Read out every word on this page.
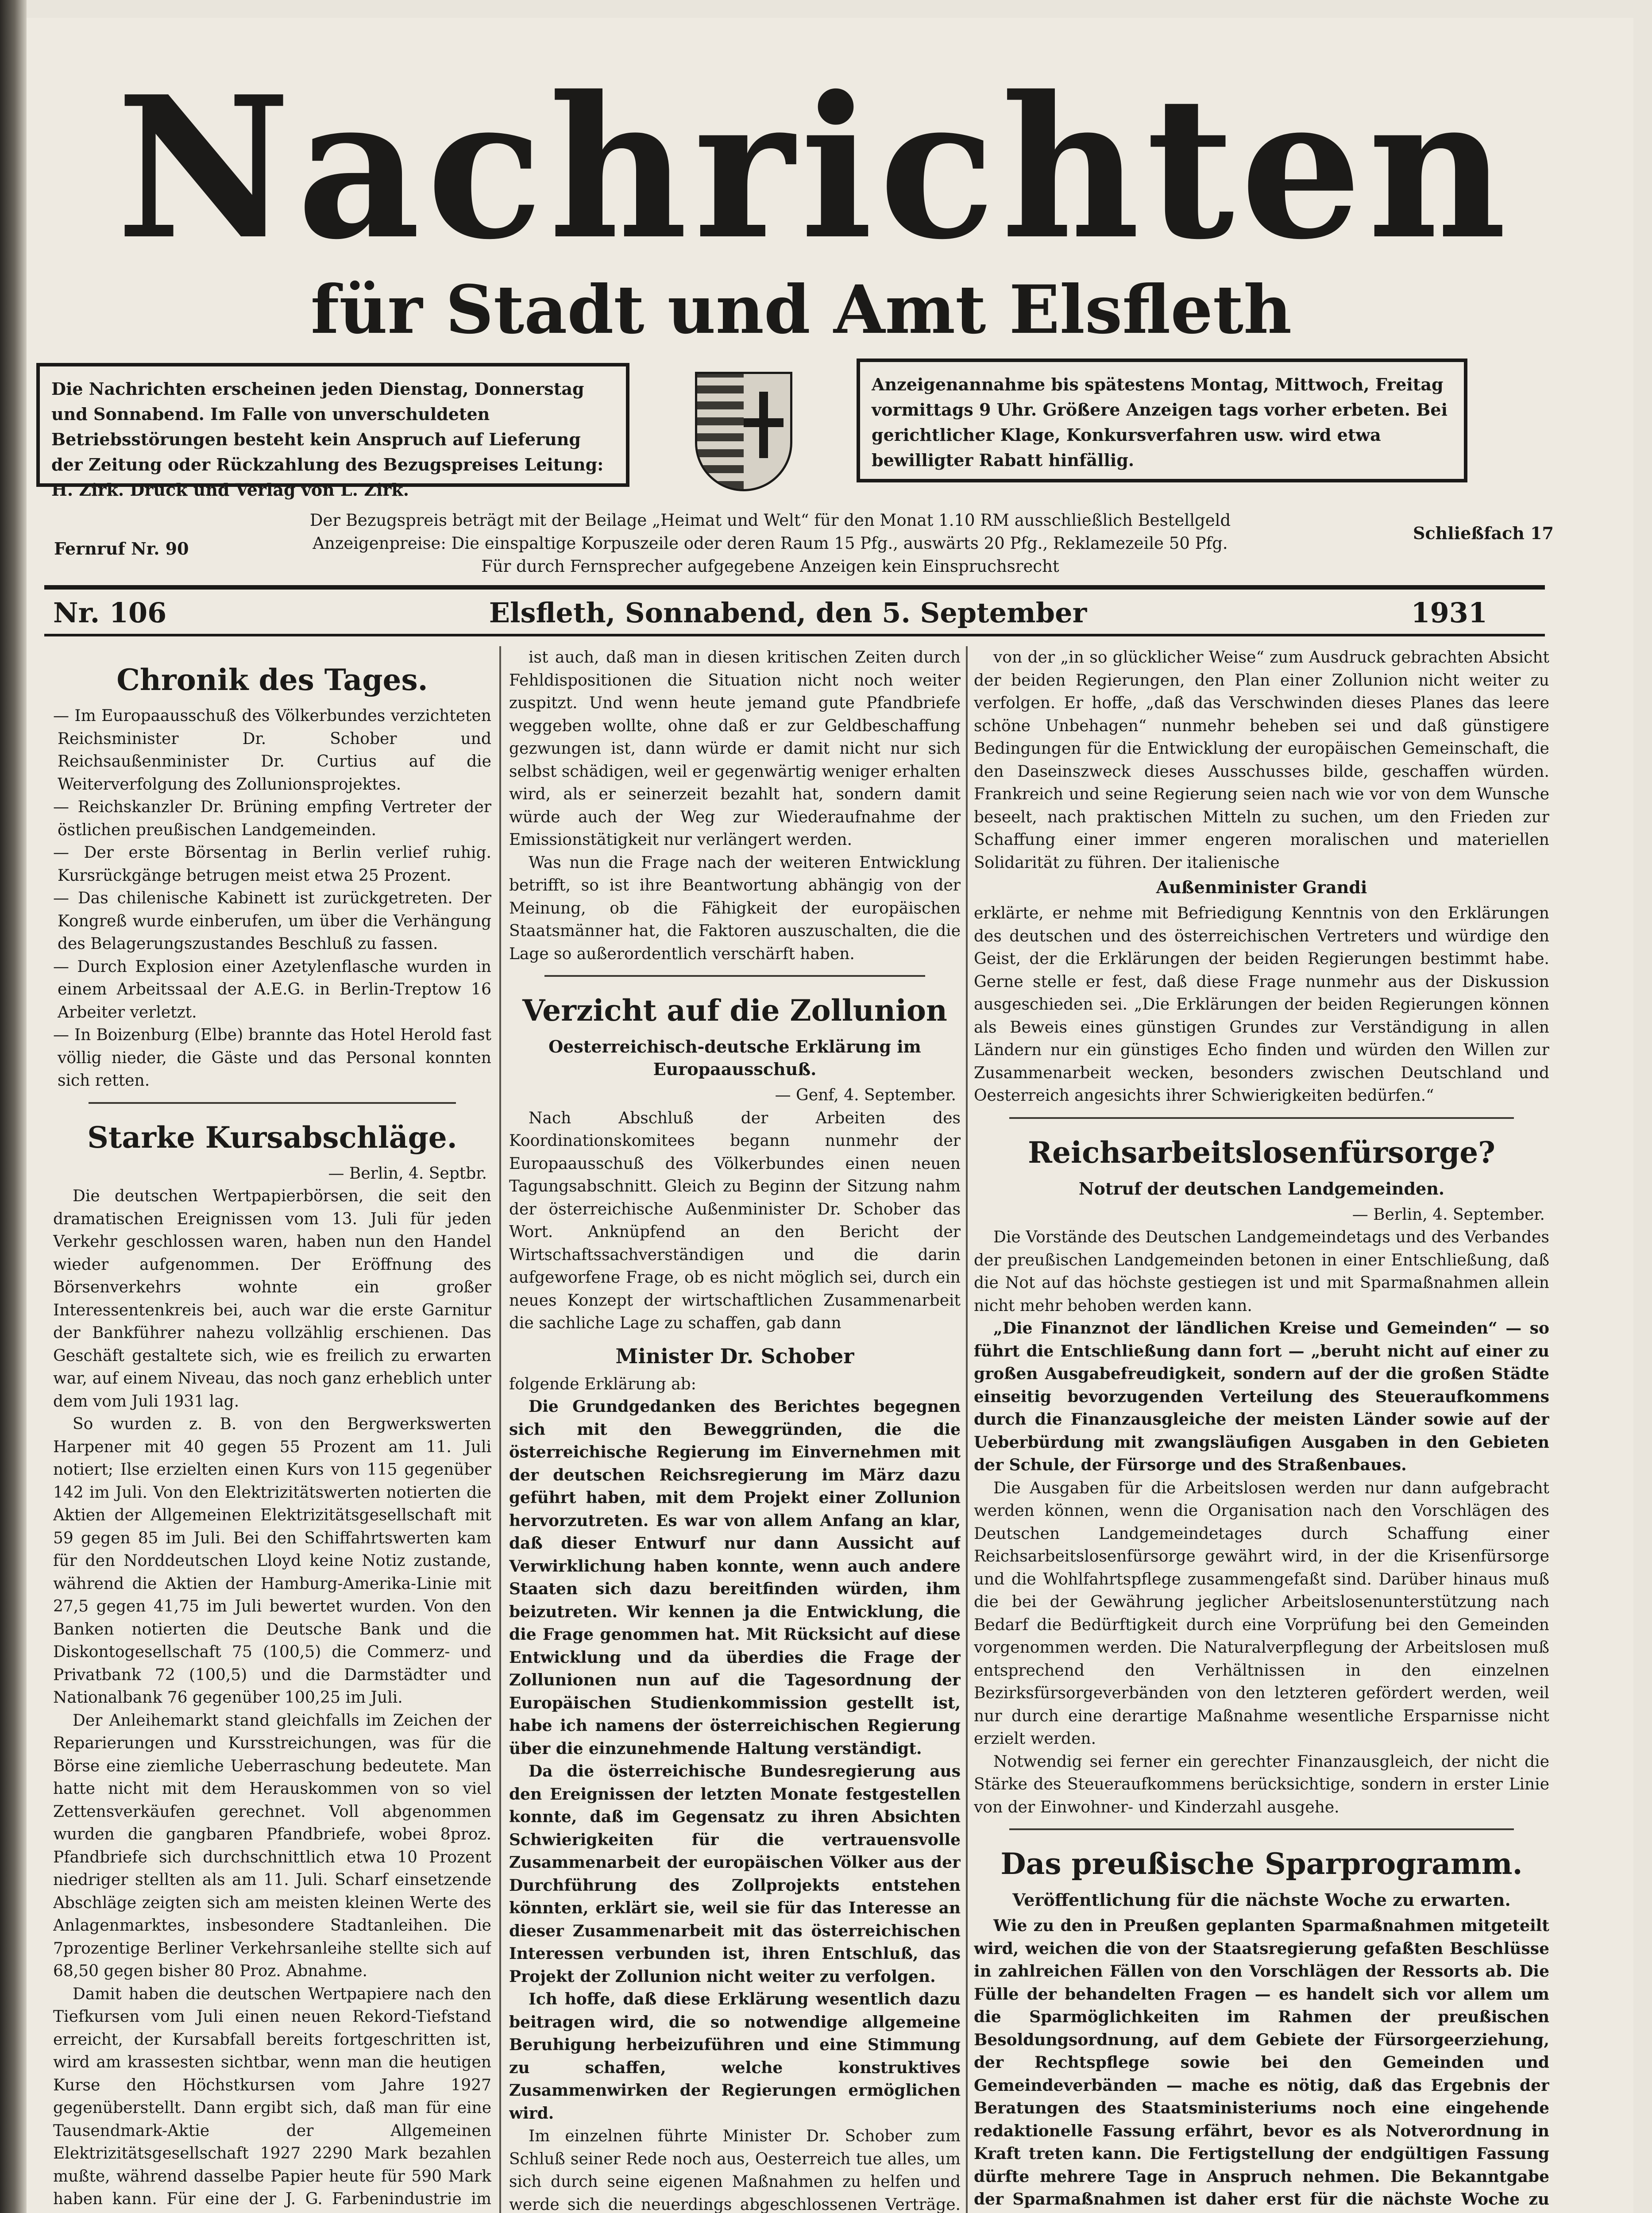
Nachrichten
für Stadt und Amt Elsfleth
Die Nachrichten erscheinen jeden Dienstag, Donnerstag und Sonnabend. Im Falle von unverschuldeten Betriebsstörungen besteht kein Anspruch auf Lieferung der Zeitung oder Rückzahlung des Bezugspreises Leitung: H. Zirk. Druck und Verlag von L. Zirk.
Anzeigenannahme bis spätestens Montag, Mittwoch, Freitag vormittags 9 Uhr. Größere Anzeigen tags vorher erbeten. Bei gerichtlicher Klage, Konkursverfahren usw. wird etwa bewilligter Rabatt hinfällig.
Der Bezugspreis beträgt mit der Beilage „Heimat und Welt“ für den Monat 1.10 RM ausschließlich Bestellgeld
Anzeigenpreise: Die einspaltige Korpuszeile oder deren Raum 15 Pfg., auswärts 20 Pfg., Reklamezeile 50 Pfg.
Für durch Fernsprecher aufgegebene Anzeigen kein Einspruchsrecht
Fernruf Nr. 90
Schließfach 17
Nr. 106	Elsfleth, Sonnabend, den 5. September	1931
Chronik des Tages.
— Im Europaausschuß des Völkerbundes verzichteten Reichsminister Dr. Schober und Reichsaußenminister Dr. Curtius auf die Weiterverfolgung des Zollunionsprojektes.
— Reichskanzler Dr. Brüning empfing Vertreter der östlichen preußischen Landgemeinden.
— Der erste Börsentag in Berlin verlief ruhig. Kursrückgänge betrugen meist etwa 25 Prozent.
— Das chilenische Kabinett ist zurückgetreten. Der Kongreß wurde einberufen, um über die Verhängung des Belagerungszustandes Beschluß zu fassen.
— Durch Explosion einer Azetylenflasche wurden in einem Arbeitssaal der A.E.G. in Berlin-Treptow 16 Arbeiter verletzt.
— In Boizenburg (Elbe) brannte das Hotel Herold fast völlig nieder, die Gäste und das Personal konnten sich retten.
Starke Kursabschläge.

— Berlin, 4. Septbr.

Die deutschen Wertpapierbörsen, die seit den dramatischen Ereignissen vom 13. Juli für jeden Verkehr geschlossen waren, haben nun den Handel wieder aufgenommen. Der Eröffnung des Börsenverkehrs wohnte ein großer Interessentenkreis bei, auch war die erste Garnitur der Bankführer nahezu vollzählig erschienen. Das Geschäft gestaltete sich, wie es freilich zu erwarten war, auf einem Niveau, das noch ganz erheblich unter dem vom Juli 1931 lag.

So wurden z. B. von den Bergwerkswerten Harpener mit 40 gegen 55 Prozent am 11. Juli notiert; Ilse erzielten einen Kurs von 115 gegenüber 142 im Juli. Von den Elektrizitätswerten notierten die Aktien der Allgemeinen Elektrizitätsgesellschaft mit 59 gegen 85 im Juli. Bei den Schiffahrtswerten kam für den Norddeutschen Lloyd keine Notiz zustande, während die Aktien der Hamburg-Amerika-Linie mit 27,5 gegen 41,75 im Juli bewertet wurden. Von den Banken notierten die Deutsche Bank und die Diskontogesellschaft 75 (100,5) die Commerz- und Privatbank 72 (100,5) und die Darmstädter und Nationalbank 76 gegenüber 100,25 im Juli.

Der Anleihemarkt stand gleichfalls im Zeichen der Reparierungen und Kursstreichungen, was für die Börse eine ziemliche Ueberraschung bedeutete. Man hatte nicht mit dem Herauskommen von so viel Zettensverkäufen gerechnet. Voll abgenommen wurden die gangbaren Pfandbriefe, wobei 8proz. Pfandbriefe sich durchschnittlich etwa 10 Prozent niedriger stellten als am 11. Juli. Scharf einsetzende Abschläge zeigten sich am meisten kleinen Werte des Anlagenmarktes, insbesondere Stadtanleihen. Die 7prozentige Berliner Verkehrsanleihe stellte sich auf 68,50 gegen bisher 80 Proz. Abnahme.

Damit haben die deutschen Wertpapiere nach den Tiefkursen vom Juli einen neuen Rekord-Tiefstand erreicht, der Kursabfall bereits fortgeschritten ist, wird am krassesten sichtbar, wenn man die heutigen Kurse den Höchstkursen vom Jahre 1927 gegenüberstellt. Dann ergibt sich, daß man für eine Tausendmark-Aktie der Allgemeinen Elektrizitätsgesellschaft 1927 2290 Mark bezahlen mußte, während dasselbe Papier heute für 590 Mark haben kann. Für eine der J. G. Farbenindustrie im

ist auch, daß man in diesen kritischen Zeiten durch Fehldispositionen die Situation nicht noch weiter zuspitzt. Und wenn heute jemand gute Pfandbriefe weggeben wollte, ohne daß er zur Geldbeschaffung gezwungen ist, dann würde er damit nicht nur sich selbst schädigen, weil er gegenwärtig weniger erhalten wird, als er seinerzeit bezahlt hat, sondern damit würde auch der Weg zur Wiederaufnahme der Emissionstätigkeit nur verlängert werden.

Was nun die Frage nach der weiteren Entwicklung betrifft, so ist ihre Beantwortung abhängig von der Meinung, ob die Fähigkeit der europäischen Staatsmänner hat, die Faktoren auszuschalten, die die Lage so außerordentlich verschärft haben.

Verzicht auf die Zollunion
Oesterreichisch-deutsche Erklärung im Europaausschuß.

— Genf, 4. September.

Nach Abschluß der Arbeiten des Koordinationskomitees begann nunmehr der Europaausschuß des Völkerbundes einen neuen Tagungsabschnitt. Gleich zu Beginn der Sitzung nahm der österreichische Außenminister Dr. Schober das Wort. Anknüpfend an den Bericht der Wirtschaftssachverständigen und die darin aufgeworfene Frage, ob es nicht möglich sei, durch ein neues Konzept der wirtschaftlichen Zusammenarbeit die sachliche Lage zu schaffen, gab dann

Minister Dr. Schober

folgende Erklärung ab:

Die Grundgedanken des Berichtes begegnen sich mit den Beweggründen, die die österreichische Regierung im Einvernehmen mit der deutschen Reichsregierung im März dazu geführt haben, mit dem Projekt einer Zollunion hervorzutreten. Es war von allem Anfang an klar, daß dieser Entwurf nur dann Aussicht auf Verwirklichung haben konnte, wenn auch andere Staaten sich dazu bereitfinden würden, ihm beizutreten. Wir kennen ja die Entwicklung, die die Frage genommen hat. Mit Rücksicht auf diese Entwicklung und da überdies die Frage der Zollunionen nun auf die Tagesordnung der Europäischen Studienkommission gestellt ist, habe ich namens der österreichischen Regierung über die einzunehmende Haltung verständigt.

Da die österreichische Bundesregierung aus den Ereignissen der letzten Monate festgestellen konnte, daß im Gegensatz zu ihren Absichten Schwierigkeiten für die vertrauensvolle Zusammenarbeit der europäischen Völker aus der Durchführung des Zollprojekts entstehen könnten, erklärt sie, weil sie für das Interesse an dieser Zusammenarbeit mit das österreichischen Interessen verbunden ist, ihren Entschluß, das Projekt der Zollunion nicht weiter zu verfolgen.

Ich hoffe, daß diese Erklärung wesentlich dazu beitragen wird, die so notwendige allgemeine Beruhigung herbeizuführen und eine Stimmung zu schaffen, welche konstruktives Zusammenwirken der Regierungen ermöglichen wird.

Im einzelnen führte Minister Dr. Schober zum Schluß seiner Rede noch aus, Oesterreich tue alles, um sich durch seine eigenen Maßnahmen zu helfen und werde sich die neuerdings abgeschlossenen Verträge.

von der „in so glücklicher Weise“ zum Ausdruck gebrachten Absicht der beiden Regierungen, den Plan einer Zollunion nicht weiter zu verfolgen. Er hoffe, „daß das Verschwinden dieses Planes das leere schöne Unbehagen“ nunmehr beheben sei und daß günstigere Bedingungen für die Entwicklung der europäischen Gemeinschaft, die den Daseinszweck dieses Ausschusses bilde, geschaffen würden. Frankreich und seine Regierung seien nach wie vor von dem Wunsche beseelt, nach praktischen Mitteln zu suchen, um den Frieden zur Schaffung einer immer engeren moralischen und materiellen Solidarität zu führen. Der italienische

Außenminister Grandi

erklärte, er nehme mit Befriedigung Kenntnis von den Erklärungen des deutschen und des österreichischen Vertreters und würdige den Geist, der die Erklärungen der beiden Regierungen bestimmt habe. Gerne stelle er fest, daß diese Frage nunmehr aus der Diskussion ausgeschieden sei. „Die Erklärungen der beiden Regierungen können als Beweis eines günstigen Grundes zur Verständigung in allen Ländern nur ein günstiges Echo finden und würden den Willen zur Zusammenarbeit wecken, besonders zwischen Deutschland und Oesterreich angesichts ihrer Schwierigkeiten bedürfen.“

Reichsarbeitslosenfürsorge?
Notruf der deutschen Landgemeinden.

— Berlin, 4. September.

Die Vorstände des Deutschen Landgemeindetags und des Verbandes der preußischen Landgemeinden betonen in einer Entschließung, daß die Not auf das höchste gestiegen ist und mit Sparmaßnahmen allein nicht mehr behoben werden kann.

„Die Finanznot der ländlichen Kreise und Gemeinden“ — so führt die Entschließung dann fort — „beruht nicht auf einer zu großen Ausgabefreudigkeit, sondern auf der die großen Städte einseitig bevorzugenden Verteilung des Steueraufkommens durch die Finanzausgleiche der meisten Länder sowie auf der Ueberbürdung mit zwangsläufigen Ausgaben in den Gebieten der Schule, der Fürsorge und des Straßenbaues.

Die Ausgaben für die Arbeitslosen werden nur dann aufgebracht werden können, wenn die Organisation nach den Vorschlägen des Deutschen Landgemeindetages durch Schaffung einer Reichsarbeitslosenfürsorge gewährt wird, in der die Krisenfürsorge und die Wohlfahrtspflege zusammengefaßt sind. Darüber hinaus muß die bei der Gewährung jeglicher Arbeitslosenunterstützung nach Bedarf die Bedürftigkeit durch eine Vorprüfung bei den Gemeinden vorgenommen werden. Die Naturalverpflegung der Arbeitslosen muß entsprechend den Verhältnissen in den einzelnen Bezirksfürsorgeverbänden von den letzteren gefördert werden, weil nur durch eine derartige Maßnahme wesentliche Ersparnisse nicht erzielt werden.

Notwendig sei ferner ein gerechter Finanzausgleich, der nicht die Stärke des Steueraufkommens berücksichtige, sondern in erster Linie von der Einwohner- und Kinderzahl ausgehe.

Das preußische Sparprogramm.
Veröffentlichung für die nächste Woche zu erwarten.

Wie zu den in Preußen geplanten Sparmaßnahmen mitgeteilt wird, weichen die von der Staatsregierung gefaßten Beschlüsse in zahlreichen Fällen von den Vorschlägen der Ressorts ab. Die Fülle der behandelten Fragen — es handelt sich vor allem um die Sparmöglichkeiten im Rahmen der preußischen Besoldungsordnung, auf dem Gebiete der Fürsorgeerziehung, der Rechtspflege sowie bei den Gemeinden und Gemeindeverbänden — mache es nötig, daß das Ergebnis der Beratungen des Staatsministeriums noch eine eingehende redaktionelle Fassung erfährt, bevor es als Notverordnung in Kraft treten kann. Die Fertigstellung der endgültigen Fassung dürfte mehrere Tage in Anspruch nehmen. Die Bekanntgabe der Sparmaßnahmen ist daher erst für die nächste Woche zu
